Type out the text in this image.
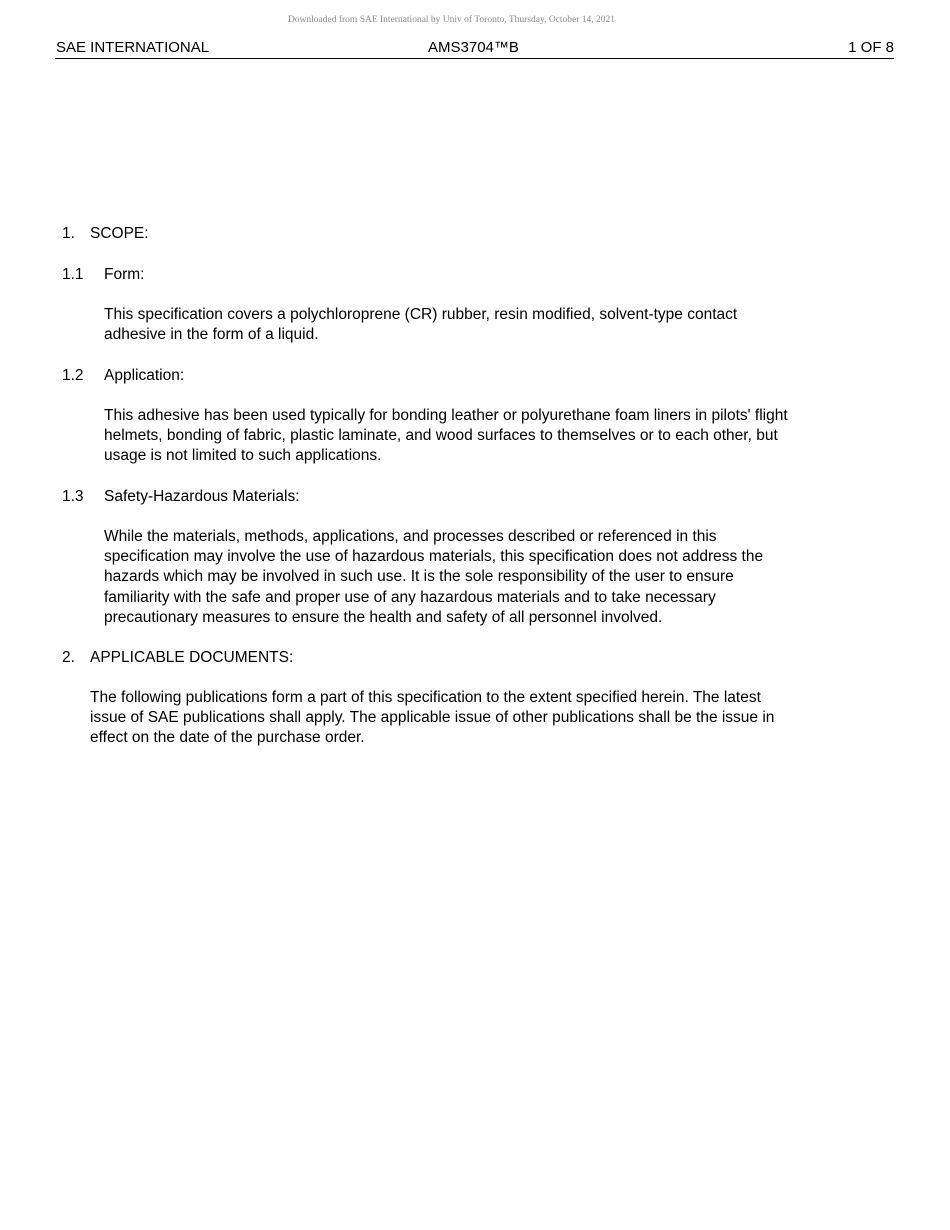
Downloaded from SAE International by Univ of Toronto, Thursday, October 14, 2021
SAE INTERNATIONAL	AMS3704™B	1 OF 8
1. SCOPE:
1.1 Form:
This specification covers a polychloroprene (CR) rubber, resin modified, solvent-type contact
adhesive in the form of a liquid.
1.2 Application:
This adhesive has been used typically for bonding leather or polyurethane foam liners in pilots' flight
helmets, bonding of fabric, plastic laminate, and wood surfaces to themselves or to each other, but
usage is not limited to such applications.
1.3 Safety-Hazardous Materials:
While the materials, methods, applications, and processes described or referenced in this
specification may involve the use of hazardous materials, this specification does not address the
hazards which may be involved in such use. It is the sole responsibility of the user to ensure
familiarity with the safe and proper use of any hazardous materials and to take necessary
precautionary measures to ensure the health and safety of all personnel involved.
2. APPLICABLE DOCUMENTS:
The following publications form a part of this specification to the extent specified herein. The latest
issue of SAE publications shall apply. The applicable issue of other publications shall be the issue in
effect on the date of the purchase order.
